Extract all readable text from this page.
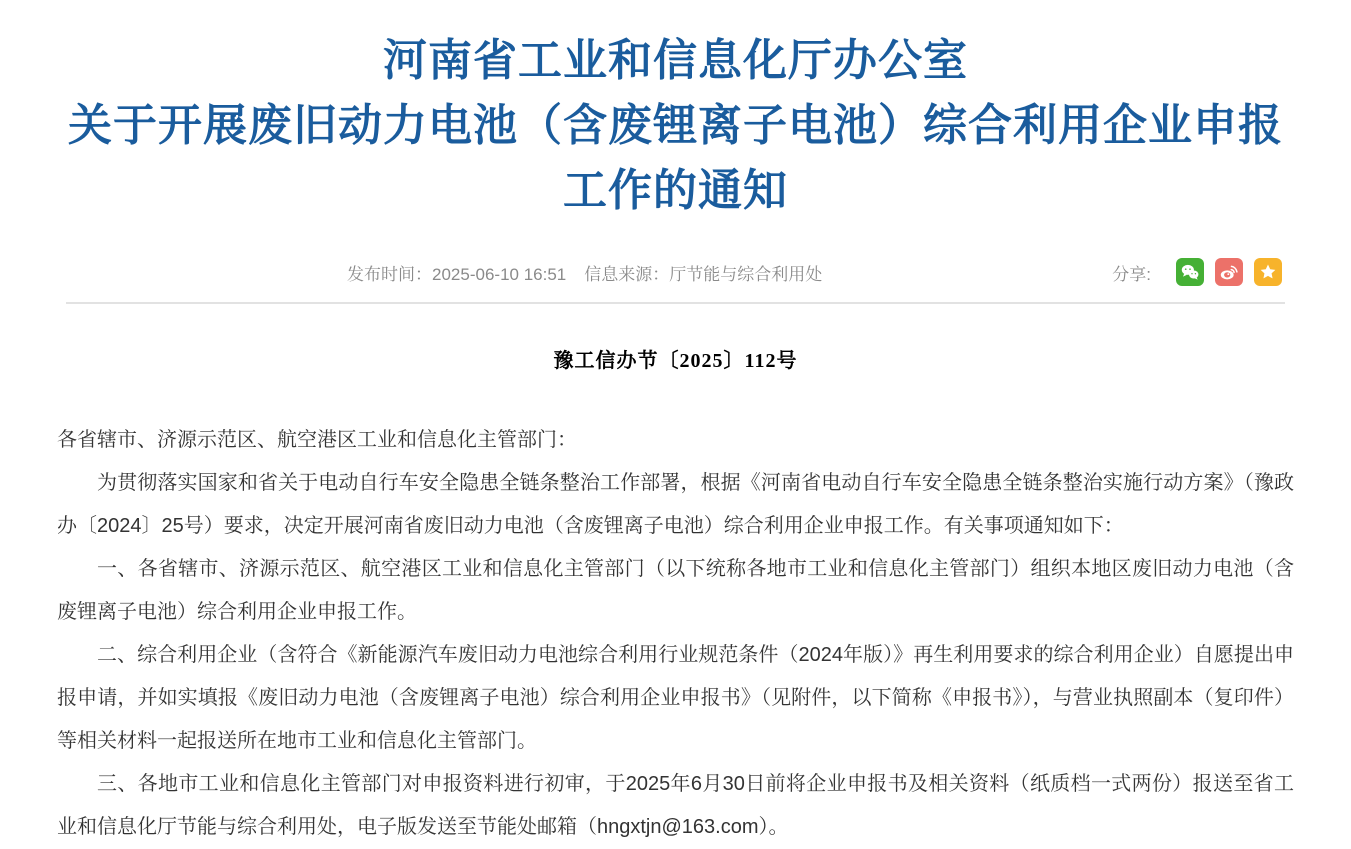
河南省工业和信息化厅办公室
关于开展废旧动力电池（含废锂离子电池）综合利用企业申报
工作的通知
发布时间：2025-06-10 16:51 信息来源：厅节能与综合利用处	分享:
豫工信办节〔2025〕112号

各省辖市、济源示范区、航空港区工业和信息化主管部门：

为贯彻落实国家和省关于电动自行车安全隐患全链条整治工作部署，根据《河南省电动自行车安全隐患全链条整治实施行动方案》（豫政办〔2024〕25号）要求，决定开展河南省废旧动力电池（含废锂离子电池）综合利用企业申报工作。有关事项通知如下：

一、各省辖市、济源示范区、航空港区工业和信息化主管部门（以下统称各地市工业和信息化主管部门）组织本地区废旧动力电池（含废锂离子电池）综合利用企业申报工作。

二、综合利用企业（含符合《新能源汽车废旧动力电池综合利用行业规范条件（2024年版）》再生利用要求的综合利用企业）自愿提出申报申请，并如实填报《废旧动力电池（含废锂离子电池）综合利用企业申报书》（见附件，以下简称《申报书》），与营业执照副本（复印件）等相关材料一起报送所在地市工业和信息化主管部门。

三、各地市工业和信息化主管部门对申报资料进行初审，于2025年6月30日前将企业申报书及相关资料（纸质档一式两份）报送至省工业和信息化厅节能与综合利用处，电子版发送至节能处邮箱（hngxtjn@163.com）。
